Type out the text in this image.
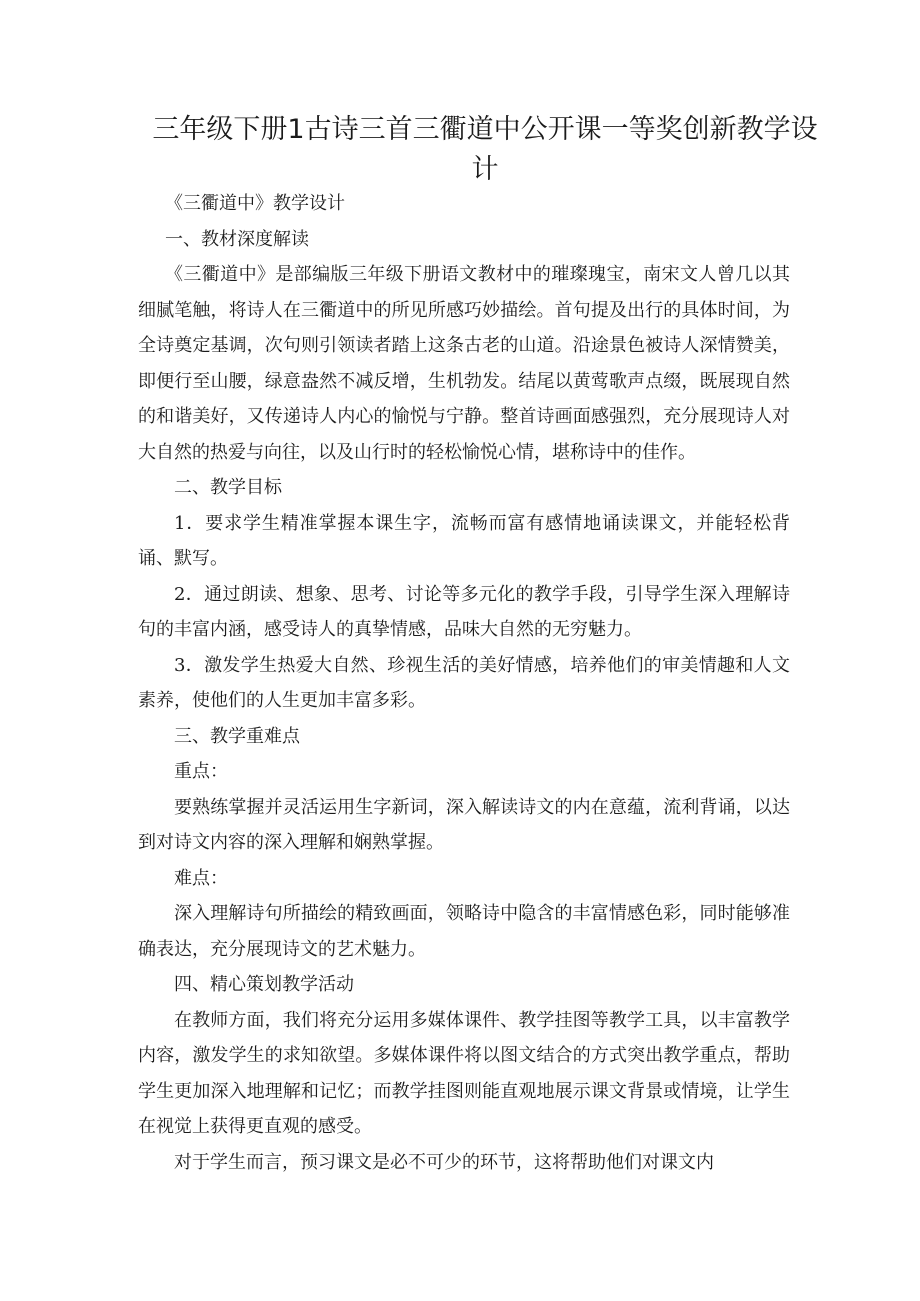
三年级下册1古诗三首三衢道中公开课一等奖创新教学设计

《三衢道中》教学设计

一、教材深度解读

《三衢道中》是部编版三年级下册语文教材中的璀璨瑰宝，南宋文人曾几以其细腻笔触，将诗人在三衢道中的所见所感巧妙描绘。首句提及出行的具体时间，为全诗奠定基调，次句则引领读者踏上这条古老的山道。沿途景色被诗人深情赞美，即便行至山腰，绿意盎然不减反增，生机勃发。结尾以黄莺歌声点缀，既展现自然的和谐美好，又传递诗人内心的愉悦与宁静。整首诗画面感强烈，充分展现诗人对大自然的热爱与向往，以及山行时的轻松愉悦心情，堪称诗中的佳作。

二、教学目标

1．要求学生精准掌握本课生字，流畅而富有感情地诵读课文，并能轻松背诵、默写。

2．通过朗读、想象、思考、讨论等多元化的教学手段，引导学生深入理解诗句的丰富内涵，感受诗人的真挚情感，品味大自然的无穷魅力。

3．激发学生热爱大自然、珍视生活的美好情感，培养他们的审美情趣和人文素养，使他们的人生更加丰富多彩。

三、教学重难点

重点：

要熟练掌握并灵活运用生字新词，深入解读诗文的内在意蕴，流利背诵，以达到对诗文内容的深入理解和娴熟掌握。

难点：

深入理解诗句所描绘的精致画面，领略诗中隐含的丰富情感色彩，同时能够准确表达，充分展现诗文的艺术魅力。

四、精心策划教学活动

在教师方面，我们将充分运用多媒体课件、教学挂图等教学工具，以丰富教学内容，激发学生的求知欲望。多媒体课件将以图文结合的方式突出教学重点，帮助学生更加深入地理解和记忆；而教学挂图则能直观地展示课文背景或情境，让学生在视觉上获得更直观的感受。

对于学生而言，预习课文是必不可少的环节，这将帮助他们对课文内
